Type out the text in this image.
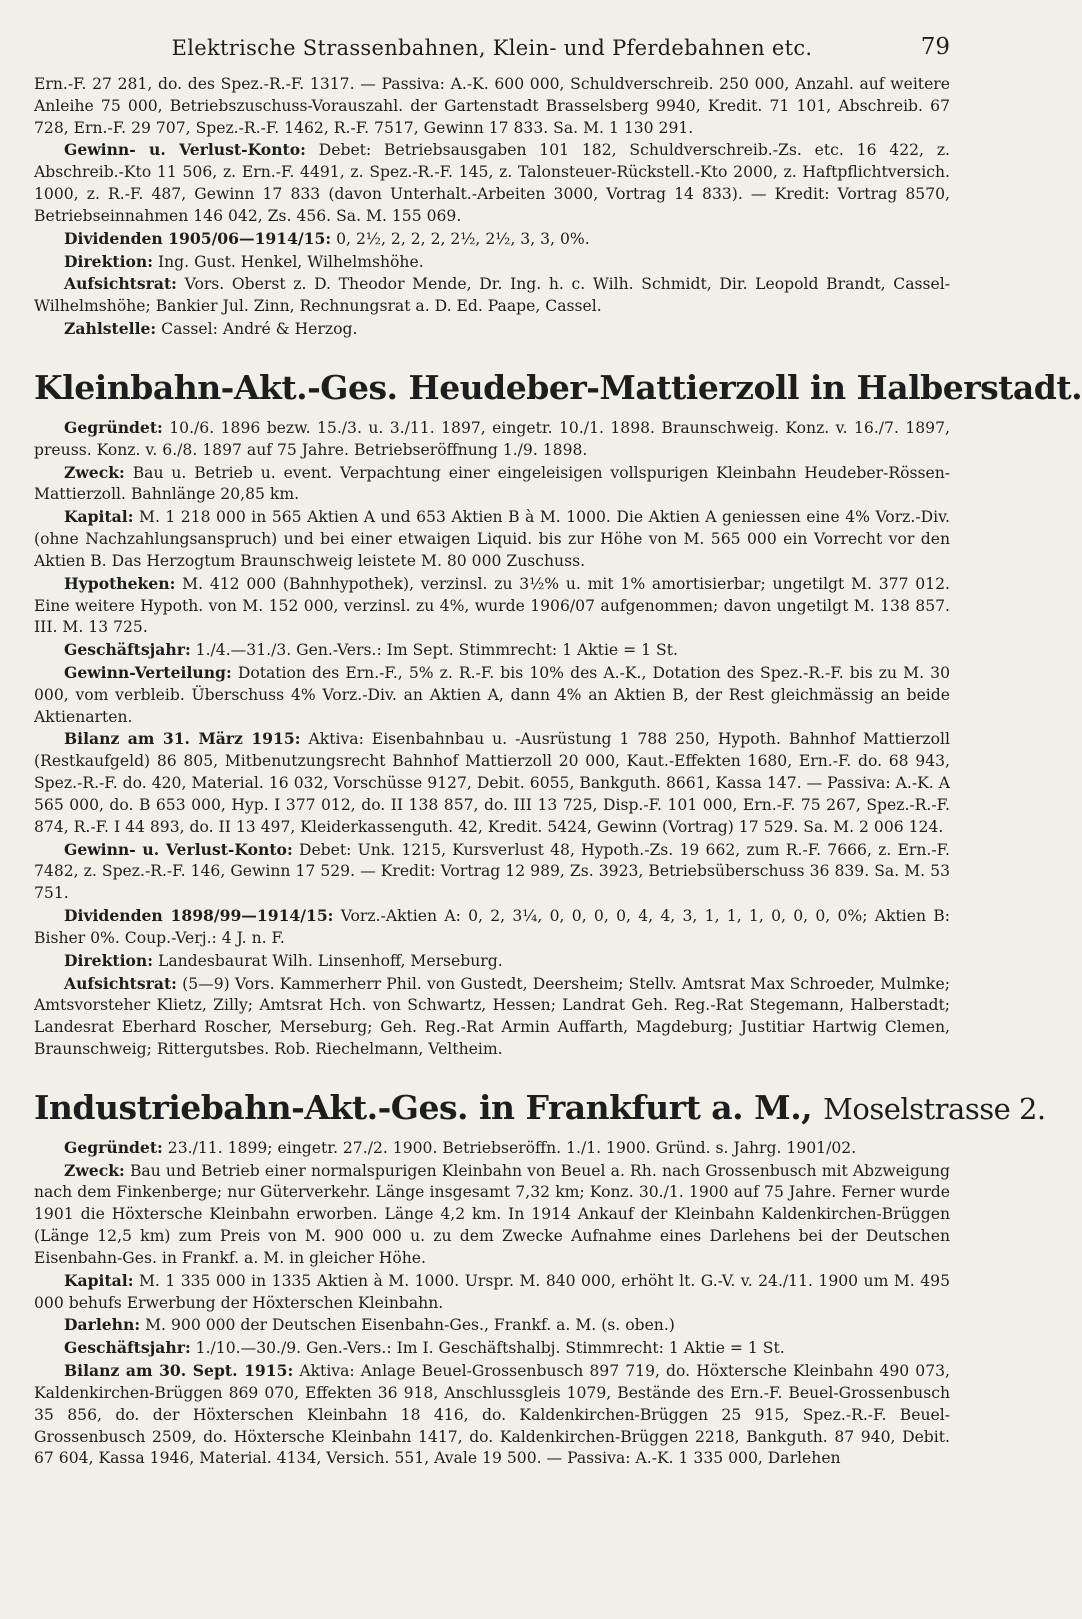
Elektrische Strassenbahnen, Klein- und Pferdebahnen etc.	79

Ern.-F. 27 281, do. des Spez.-R.-F. 1317. — Passiva: A.-K. 600 000, Schuldverschreib. 250 000, Anzahl. auf weitere Anleihe 75 000, Betriebszuschuss-Vorauszahl. der Gartenstadt Brasselsberg 9940, Kredit. 71 101, Abschreib. 67 728, Ern.-F. 29 707, Spez.-R.-F. 1462, R.-F. 7517, Gewinn 17 833. Sa. M. 1 130 291.

Gewinn- u. Verlust-Konto: Debet: Betriebsausgaben 101 182, Schuldverschreib.-Zs. etc. 16 422, z. Abschreib.-Kto 11 506, z. Ern.-F. 4491, z. Spez.-R.-F. 145, z. Talonsteuer-Rückstell.-Kto 2000, z. Haftpflichtversich. 1000, z. R.-F. 487, Gewinn 17 833 (davon Unterhalt.-Arbeiten 3000, Vortrag 14 833). — Kredit: Vortrag 8570, Betriebseinnahmen 146 042, Zs. 456. Sa. M. 155 069.

Dividenden 1905/06—1914/15: 0, 2½, 2, 2, 2, 2½, 2½, 3, 3, 0%.

Direktion: Ing. Gust. Henkel, Wilhelmshöhe.

Aufsichtsrat: Vors. Oberst z. D. Theodor Mende, Dr. Ing. h. c. Wilh. Schmidt, Dir. Leopold Brandt, Cassel-Wilhelmshöhe; Bankier Jul. Zinn, Rechnungsrat a. D. Ed. Paape, Cassel.

Zahlstelle: Cassel: André & Herzog.

Kleinbahn-Akt.-Ges. Heudeber-Mattierzoll in Halberstadt.

Gegründet: 10./6. 1896 bezw. 15./3. u. 3./11. 1897, eingetr. 10./1. 1898. Braunschweig. Konz. v. 16./7. 1897, preuss. Konz. v. 6./8. 1897 auf 75 Jahre. Betriebseröffnung 1./9. 1898.

Zweck: Bau u. Betrieb u. event. Verpachtung einer eingeleisigen vollspurigen Kleinbahn Heudeber-Rössen-Mattierzoll. Bahnlänge 20,85 km.

Kapital: M. 1 218 000 in 565 Aktien A und 653 Aktien B à M. 1000. Die Aktien A geniessen eine 4% Vorz.-Div. (ohne Nachzahlungsanspruch) und bei einer etwaigen Liquid. bis zur Höhe von M. 565 000 ein Vorrecht vor den Aktien B. Das Herzogtum Braunschweig leistete M. 80 000 Zuschuss.

Hypotheken: M. 412 000 (Bahnhypothek), verzinsl. zu 3½% u. mit 1% amortisierbar; ungetilgt M. 377 012. Eine weitere Hypoth. von M. 152 000, verzinsl. zu 4%, wurde 1906/07 aufgenommen; davon ungetilgt M. 138 857. III. M. 13 725.

Geschäftsjahr: 1./4.—31./3. Gen.-Vers.: Im Sept. Stimmrecht: 1 Aktie = 1 St.

Gewinn-Verteilung: Dotation des Ern.-F., 5% z. R.-F. bis 10% des A.-K., Dotation des Spez.-R.-F. bis zu M. 30 000, vom verbleib. Überschuss 4% Vorz.-Div. an Aktien A, dann 4% an Aktien B, der Rest gleichmässig an beide Aktienarten.

Bilanz am 31. März 1915: Aktiva: Eisenbahnbau u. -Ausrüstung 1 788 250, Hypoth. Bahnhof Mattierzoll (Restkaufgeld) 86 805, Mitbenutzungsrecht Bahnhof Mattierzoll 20 000, Kaut.-Effekten 1680, Ern.-F. do. 68 943, Spez.-R.-F. do. 420, Material. 16 032, Vorschüsse 9127, Debit. 6055, Bankguth. 8661, Kassa 147. — Passiva: A.-K. A 565 000, do. B 653 000, Hyp. I 377 012, do. II 138 857, do. III 13 725, Disp.-F. 101 000, Ern.-F. 75 267, Spez.-R.-F. 874, R.-F. I 44 893, do. II 13 497, Kleiderkassenguth. 42, Kredit. 5424, Gewinn (Vortrag) 17 529. Sa. M. 2 006 124.

Gewinn- u. Verlust-Konto: Debet: Unk. 1215, Kursverlust 48, Hypoth.-Zs. 19 662, zum R.-F. 7666, z. Ern.-F. 7482, z. Spez.-R.-F. 146, Gewinn 17 529. — Kredit: Vortrag 12 989, Zs. 3923, Betriebsüberschuss 36 839. Sa. M. 53 751.

Dividenden 1898/99—1914/15: Vorz.-Aktien A: 0, 2, 3¼, 0, 0, 0, 0, 4, 4, 3, 1, 1, 1, 0, 0, 0, 0%; Aktien B: Bisher 0%. Coup.-Verj.: 4 J. n. F.

Direktion: Landesbaurat Wilh. Linsenhoff, Merseburg.

Aufsichtsrat: (5—9) Vors. Kammerherr Phil. von Gustedt, Deersheim; Stellv. Amtsrat Max Schroeder, Mulmke; Amtsvorsteher Klietz, Zilly; Amtsrat Hch. von Schwartz, Hessen; Landrat Geh. Reg.-Rat Stegemann, Halberstadt; Landesrat Eberhard Roscher, Merseburg; Geh. Reg.-Rat Armin Auffarth, Magdeburg; Justitiar Hartwig Clemen, Braunschweig; Rittergutsbes. Rob. Riechelmann, Veltheim.

Industriebahn-Akt.-Ges. in Frankfurt a. M., Moselstrasse 2.

Gegründet: 23./11. 1899; eingetr. 27./2. 1900. Betriebseröffn. 1./1. 1900. Gründ. s. Jahrg. 1901/02.

Zweck: Bau und Betrieb einer normalspurigen Kleinbahn von Beuel a. Rh. nach Grossenbusch mit Abzweigung nach dem Finkenberge; nur Güterverkehr. Länge insgesamt 7,32 km; Konz. 30./1. 1900 auf 75 Jahre. Ferner wurde 1901 die Höxtersche Kleinbahn erworben. Länge 4,2 km. In 1914 Ankauf der Kleinbahn Kaldenkirchen-Brüggen (Länge 12,5 km) zum Preis von M. 900 000 u. zu dem Zwecke Aufnahme eines Darlehens bei der Deutschen Eisenbahn-Ges. in Frankf. a. M. in gleicher Höhe.

Kapital: M. 1 335 000 in 1335 Aktien à M. 1000. Urspr. M. 840 000, erhöht lt. G.-V. v. 24./11. 1900 um M. 495 000 behufs Erwerbung der Höxterschen Kleinbahn.

Darlehn: M. 900 000 der Deutschen Eisenbahn-Ges., Frankf. a. M. (s. oben.)

Geschäftsjahr: 1./10.—30./9. Gen.-Vers.: Im I. Geschäftshalbj. Stimmrecht: 1 Aktie = 1 St.

Bilanz am 30. Sept. 1915: Aktiva: Anlage Beuel-Grossenbusch 897 719, do. Höxtersche Kleinbahn 490 073, Kaldenkirchen-Brüggen 869 070, Effekten 36 918, Anschlussgleis 1079, Bestände des Ern.-F. Beuel-Grossenbusch 35 856, do. der Höxterschen Kleinbahn 18 416, do. Kaldenkirchen-Brüggen 25 915, Spez.-R.-F. Beuel-Grossenbusch 2509, do. Höxtersche Kleinbahn 1417, do. Kaldenkirchen-Brüggen 2218, Bankguth. 87 940, Debit. 67 604, Kassa 1946, Material. 4134, Versich. 551, Avale 19 500. — Passiva: A.-K. 1 335 000, Darlehen
